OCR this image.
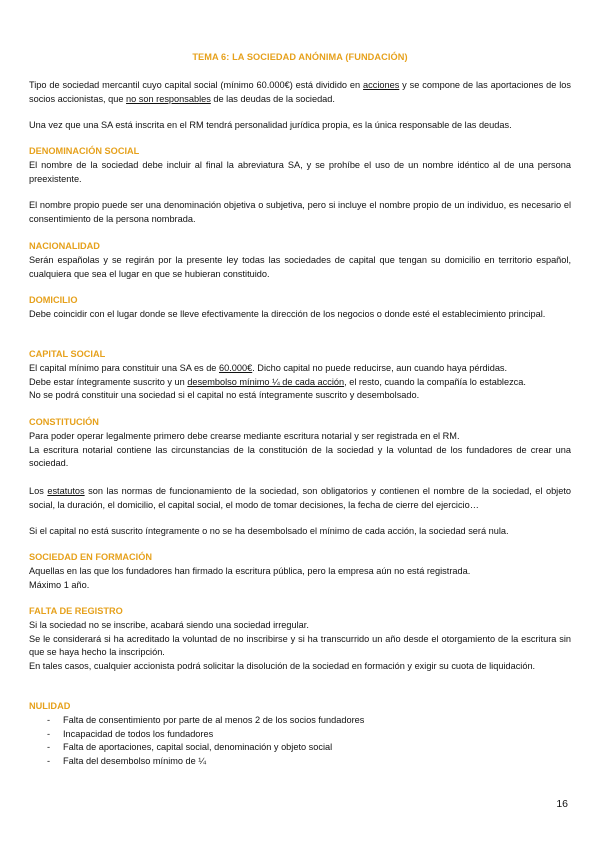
TEMA 6: LA SOCIEDAD ANÓNIMA (FUNDACIÓN)

Tipo de sociedad mercantil cuyo capital social (mínimo 60.000€) está dividido en acciones y se compone de las aportaciones de los socios accionistas, que no son responsables de las deudas de la sociedad.

Una vez que una SA está inscrita en el RM tendrá personalidad jurídica propia, es la única responsable de las deudas.
DENOMINACIÓN SOCIAL
El nombre de la sociedad debe incluir al final la abreviatura SA, y se prohíbe el uso de un nombre idéntico al de una persona preexistente.
El nombre propio puede ser una denominación objetiva o subjetiva, pero si incluye el nombre propio de un individuo, es necesario el consentimiento de la persona nombrada.
NACIONALIDAD
Serán españolas y se regirán por la presente ley todas las sociedades de capital que tengan su domicilio en territorio español, cualquiera que sea el lugar en que se hubieran constituido.
DOMICILIO
Debe coincidir con el lugar donde se lleve efectivamente la dirección de los negocios o donde esté el establecimiento principal.
CAPITAL SOCIAL

El capital mínimo para constituir una SA es de 60.000€. Dicho capital no puede reducirse, aun cuando haya pérdidas.

Debe estar íntegramente suscrito y un desembolso mínimo ¼ de cada acción, el resto, cuando la compañía lo establezca.

No se podrá constituir una sociedad si el capital no está íntegramente suscrito y desembolsado.

CONSTITUCIÓN

Para poder operar legalmente primero debe crearse mediante escritura notarial y ser registrada en el RM.

La escritura notarial contiene las circunstancias de la constitución de la sociedad y la voluntad de los fundadores de crear una sociedad.

Los estatutos son las normas de funcionamiento de la sociedad, son obligatorios y contienen el nombre de la sociedad, el objeto social, la duración, el domicilio, el capital social, el modo de tomar decisiones, la fecha de cierre del ejercicio…

Si el capital no está suscrito íntegramente o no se ha desembolsado el mínimo de cada acción, la sociedad será nula.
SOCIEDAD EN FORMACIÓN

Aquellas en las que los fundadores han firmado la escritura pública, pero la empresa aún no está registrada.

Máximo 1 año.

FALTA DE REGISTRO

Si la sociedad no se inscribe, acabará siendo una sociedad irregular.

Se le considerará si ha acreditado la voluntad de no inscribirse y si ha transcurrido un año desde el otorgamiento de la escritura sin que se haya hecho la inscripción.

En tales casos, cualquier accionista podrá solicitar la disolución de la sociedad en formación y exigir su cuota de liquidación.

NULIDAD
- Falta de consentimiento por parte de al menos 2 de los socios fundadores
- Incapacidad de todos los fundadores
- Falta de aportaciones, capital social, denominación y objeto social
- Falta del desembolso mínimo de ¼
16
